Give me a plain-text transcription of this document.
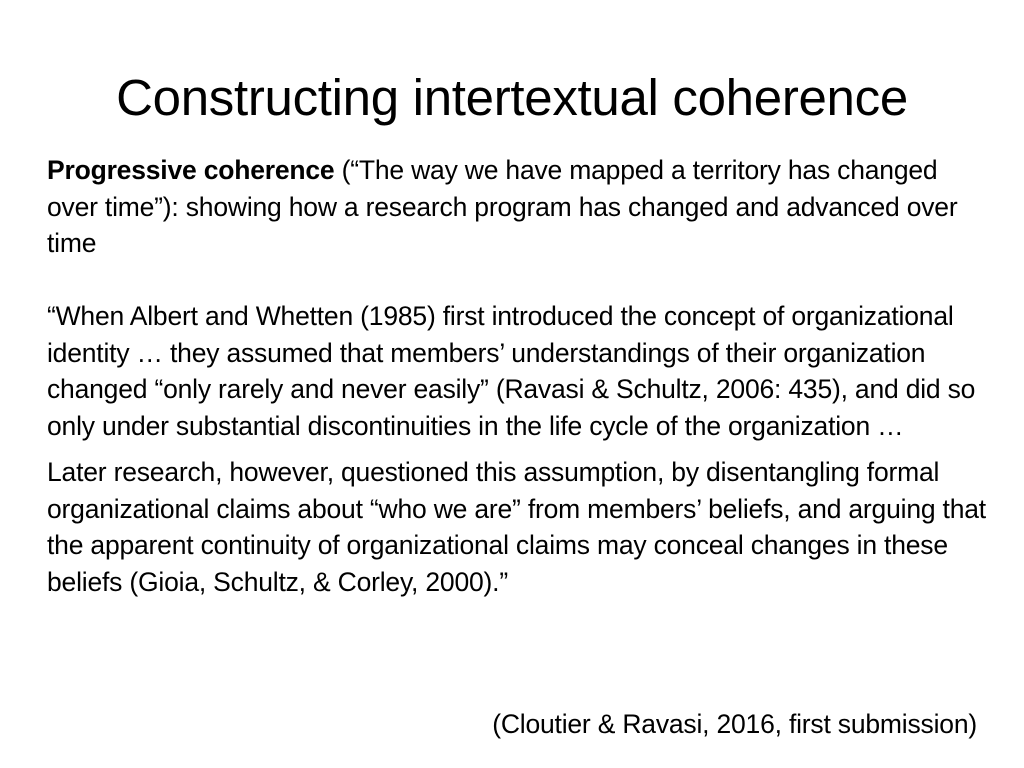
Constructing intertextual coherence

Progressive coherence (“The way we have mapped a territory has changed over time”): showing how a research program has changed and advanced over time

“When Albert and Whetten (1985) first introduced the concept of organizational identity … they assumed that members’ understandings of their organization changed “only rarely and never easily” (Ravasi & Schultz, 2006: 435), and did so only under substantial discontinuities in the life cycle of the organization …

Later research, however, questioned this assumption, by disentangling formal organizational claims about “who we are” from members’ beliefs, and arguing that the apparent continuity of organizational claims may conceal changes in these beliefs (Gioia, Schultz, & Corley, 2000).”

(Cloutier & Ravasi, 2016, first submission)
